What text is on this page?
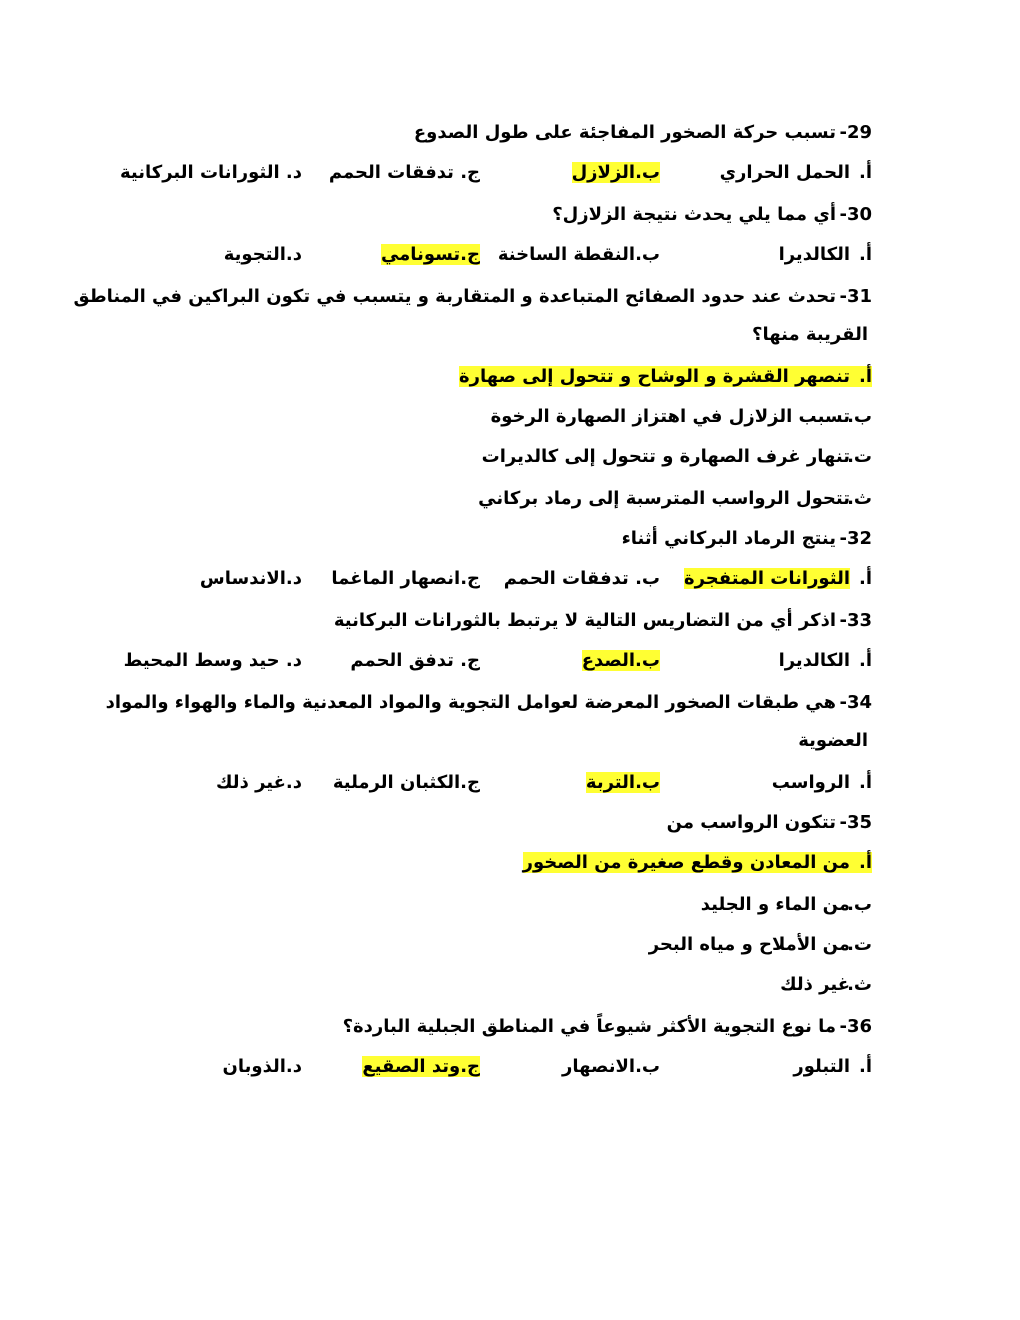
29-تسبب حركة الصخور المفاجئة على طول الصدوع
أ.الحمل الحراري
ب.الزلازل
ج. تدفقات الحمم
د. الثورانات البركانية
30-أي مما يلي يحدث نتيجة الزلازل؟
أ.الكالديرا
ب.النقطة الساخنة
ج.تسونامي
د.التجوية
31-تحدث عند حدود الصفائح المتباعدة و المتقاربة و يتسبب في تكون البراكين في المناطق
القريبة منها؟
أ.تنصهر القشرة و الوشاح و تتحول إلى صهارة
ب.تسبب الزلازل في اهتزاز الصهارة الرخوة
ت.تنهار غرف الصهارة و تتحول إلى كالديرات
ث.تتحول الرواسب المترسبة إلى رماد بركاني
32-ينتج الرماد البركاني أثناء
أ.الثورانات المتفجرة
ب. تدفقات الحمم
ج.انصهار الماغما
د.الاندساس
33-اذكر أي من التضاريس التالية لا يرتبط بالثورانات البركانية
أ.الكالديرا
ب.الصدع
ج. تدفق الحمم
د. حيد وسط المحيط
34-هي طبقات الصخور المعرضة لعوامل التجوية والمواد المعدنية والماء والهواء والمواد
العضوية
أ.الرواسب
ب.التربة
ج.الكثبان الرملية
د.غير ذلك
35-تتكون الرواسب من
أ.من المعادن وقطع صغيرة من الصخور
ب.من الماء و الجليد
ت.من الأملاح و مياه البحر
ث.غير ذلك
36-ما نوع التجوية الأكثر شيوعاً في المناطق الجبلية الباردة؟
أ.التبلور
ب.الانصهار
ج.وتد الصقيع
د.الذوبان
